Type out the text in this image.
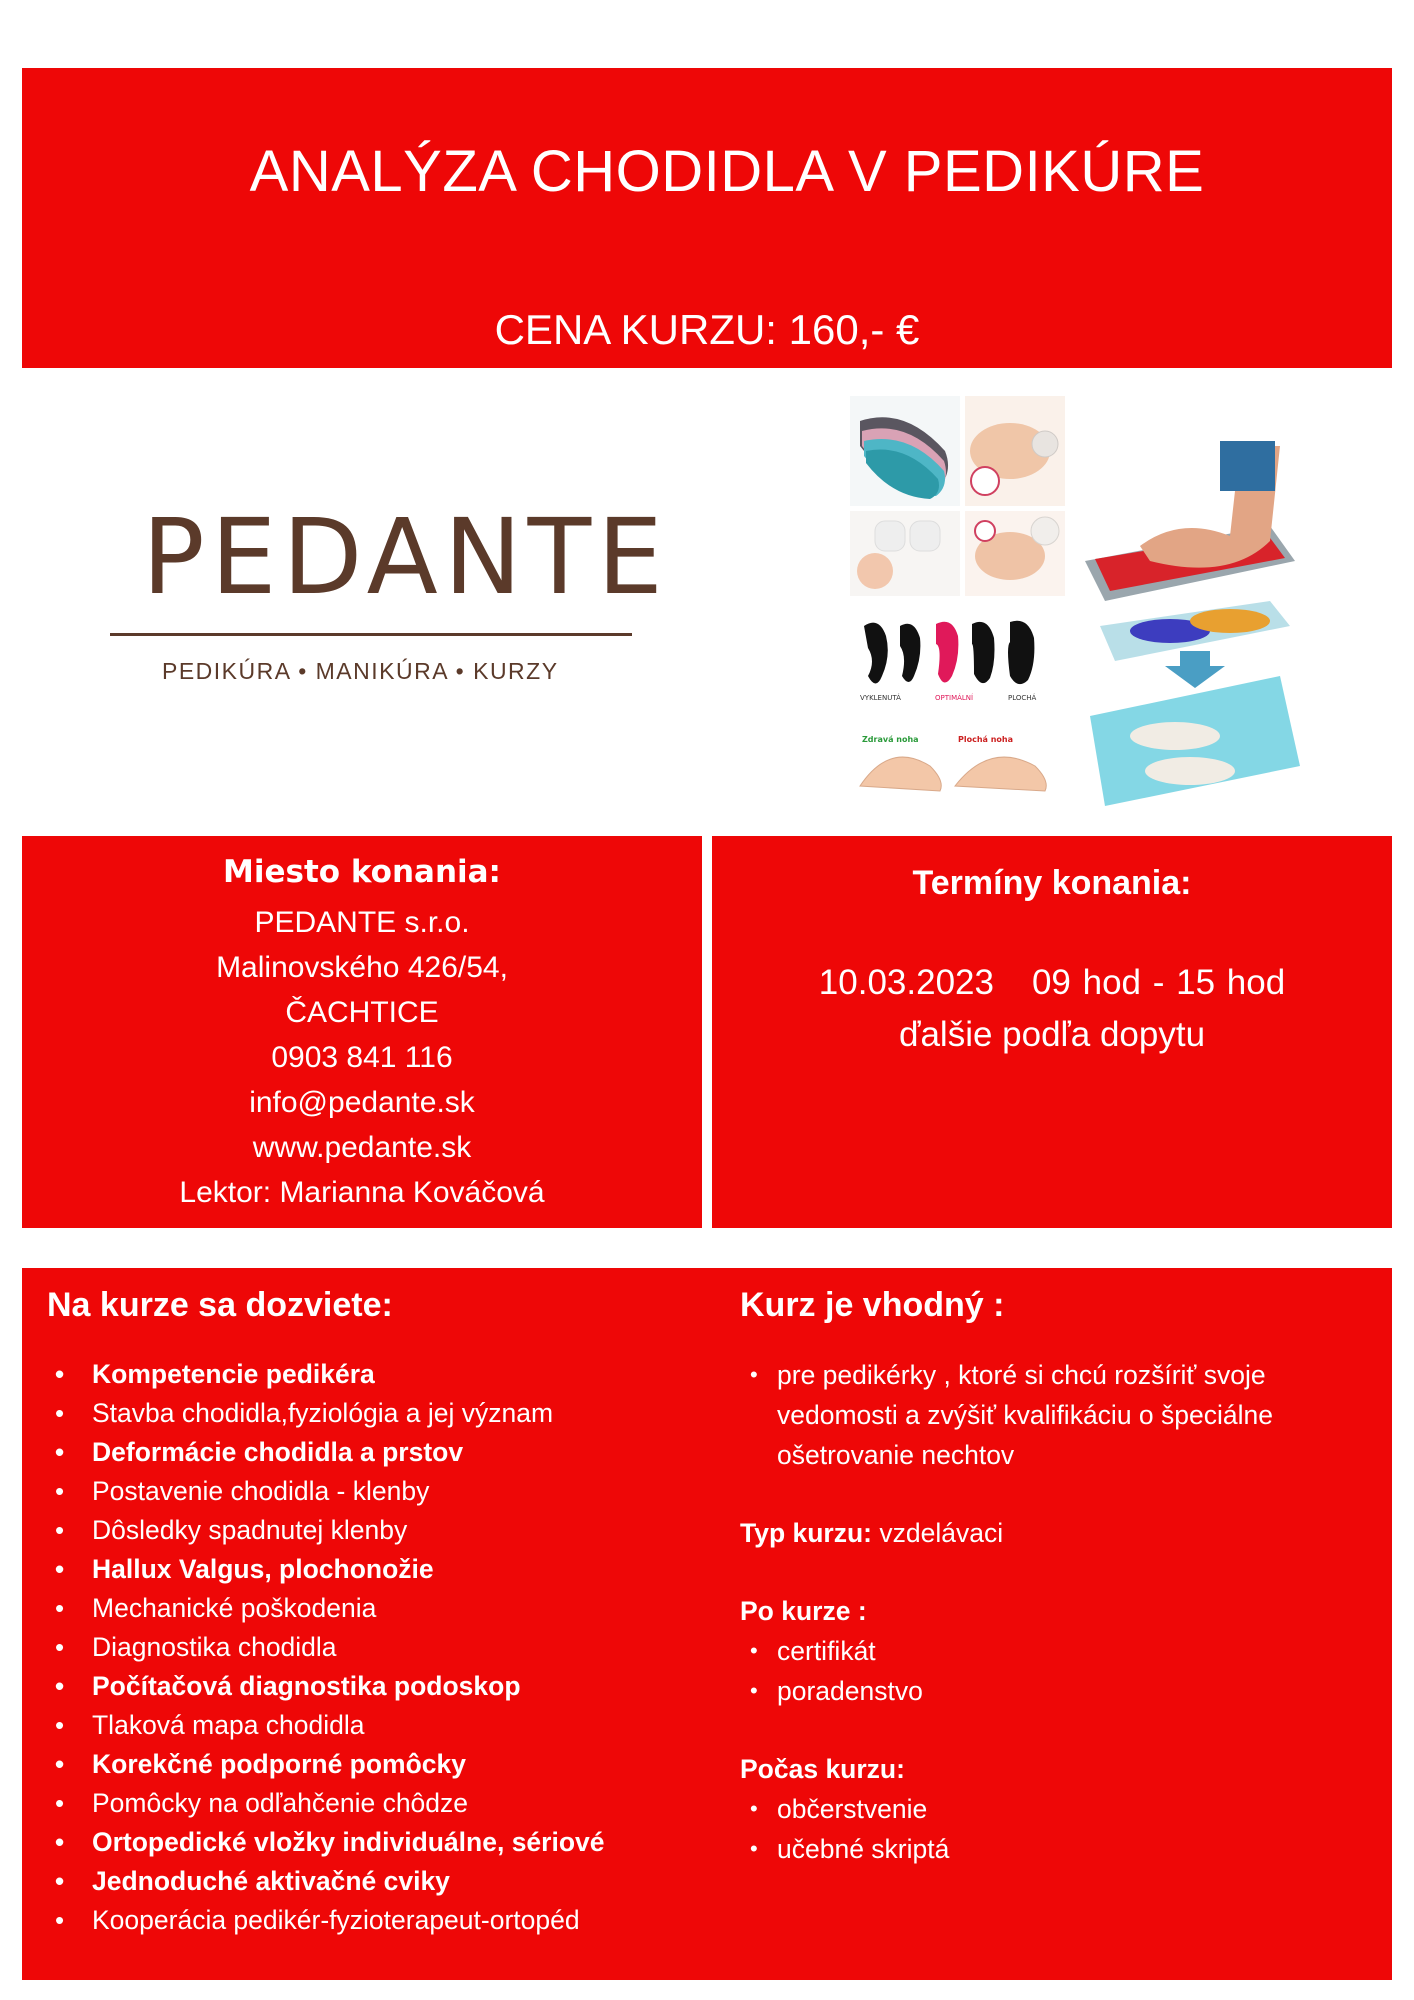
ANALÝZA CHODIDLA V PEDIKÚRE
CENA KURZU: 160,- €
PEDANTE
PEDIKÚRA • MANIKÚRA • KURZY
VYKLENUTÁ	OPTIMÁLNÍ	PLOCHÁ
Zdravá noha	Plochá noha
Miesto konania:
PEDANTE s.r.o.
Malinovského 426/54,
ČACHTICE
0903 841 116
info@pedante.sk
www.pedante.sk
Lektor: Marianna Kováčová
Termíny konania:
10.03.2023 09 hod - 15 hod
ďalšie podľa dopytu
Na kurze sa dozviete:
• Kompetencie pedikéra
• Stavba chodidla,fyziológia a jej význam
• Deformácie chodidla a prstov
• Postavenie chodidla - klenby
• Dôsledky spadnutej klenby
• Hallux Valgus, plochonožie
• Mechanické poškodenia
• Diagnostika chodidla
• Počítačová diagnostika podoskop
• Tlaková mapa chodidla
• Korekčné podporné pomôcky
• Pomôcky na odľahčenie chôdze
• Ortopedické vložky individuálne, sériové
• Jednoduché aktivačné cviky
• Kooperácia pedikér-fyzioterapeut-ortopéd
Kurz je vhodný :
• pre pedikérky , ktoré si chcú rozšíriť svoje vedomosti a zvýšiť kvalifikáciu o špeciálne ošetrovanie nechtov
Typ kurzu: vzdelávaci
Po kurze :
• certifikát
• poradenstvo
Počas kurzu:
• občerstvenie
• učebné skriptá
